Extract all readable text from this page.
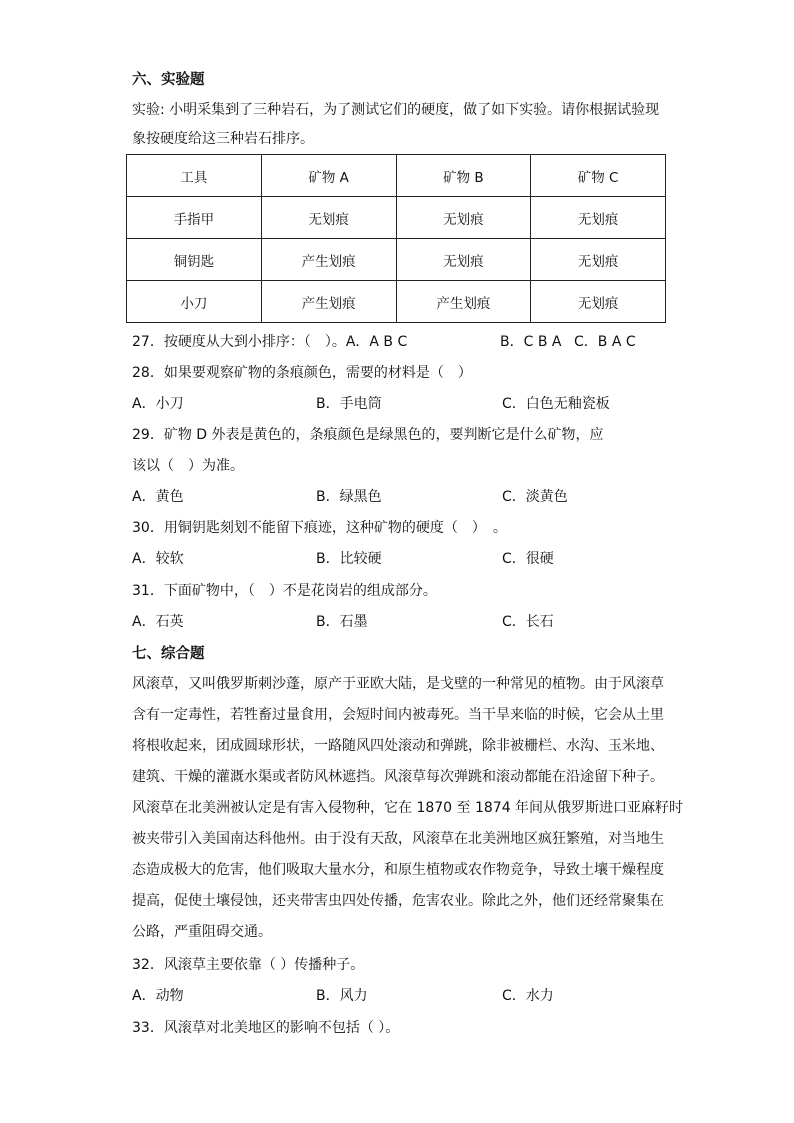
六、实验题
实验: 小明采集到了三种岩石，为了测试它们的硬度，做了如下实验。请你根据试验现
象按硬度给这三种岩石排序。
工具	矿物 A	矿物 B	矿物 C
手指甲	无划痕	无划痕	无划痕
铜钥匙	产生划痕	无划痕	无划痕
小刀	产生划痕	产生划痕	无划痕
27．按硬度从大到小排序：（　）。A．A B C	B．C B A C．B A C
28．如果要观察矿物的条痕颜色，需要的材料是（　）
A．小刀	B．手电筒	C．白色无釉瓷板
29．矿物 D 外表是黄色的，条痕颜色是绿黑色的，要判断它是什么矿物，应
该以（　）为准。
A．黄色	B．绿黑色	C．淡黄色
30．用铜钥匙刻划不能留下痕迹，这种矿物的硬度（　）　。
A．较软	B．比较硬	C．很硬
31．下面矿物中，（　）不是花岗岩的组成部分。
A．石英	B．石墨	C．长石
七、综合题
风滚草，又叫俄罗斯刺沙蓬，原产于亚欧大陆，是戈壁的一种常见的植物。由于风滚草
含有一定毒性，若牲畜过量食用，会短时间内被毒死。当干旱来临的时候，它会从土里
将根收起来，团成圆球形状，一路随风四处滚动和弹跳，除非被栅栏、水沟、玉米地、
建筑、干燥的灌溉水渠或者防风林遮挡。风滚草每次弹跳和滚动都能在沿途留下种子。
风滚草在北美洲被认定是有害入侵物种，它在 1870 至 1874 年间从俄罗斯进口亚麻籽时
被夹带引入美国南达科他州。由于没有天敌，风滚草在北美洲地区疯狂繁殖，对当地生
态造成极大的危害，他们吸取大量水分，和原生植物或农作物竞争，导致土壤干燥程度
提高，促使土壤侵蚀，还夹带害虫四处传播，危害农业。除此之外，他们还经常聚集在
公路，严重阻碍交通。
32．风滚草主要依靠（ ）传播种子。
A．动物	B．风力	C．水力
33．风滚草对北美地区的影响不包括（ ）。
